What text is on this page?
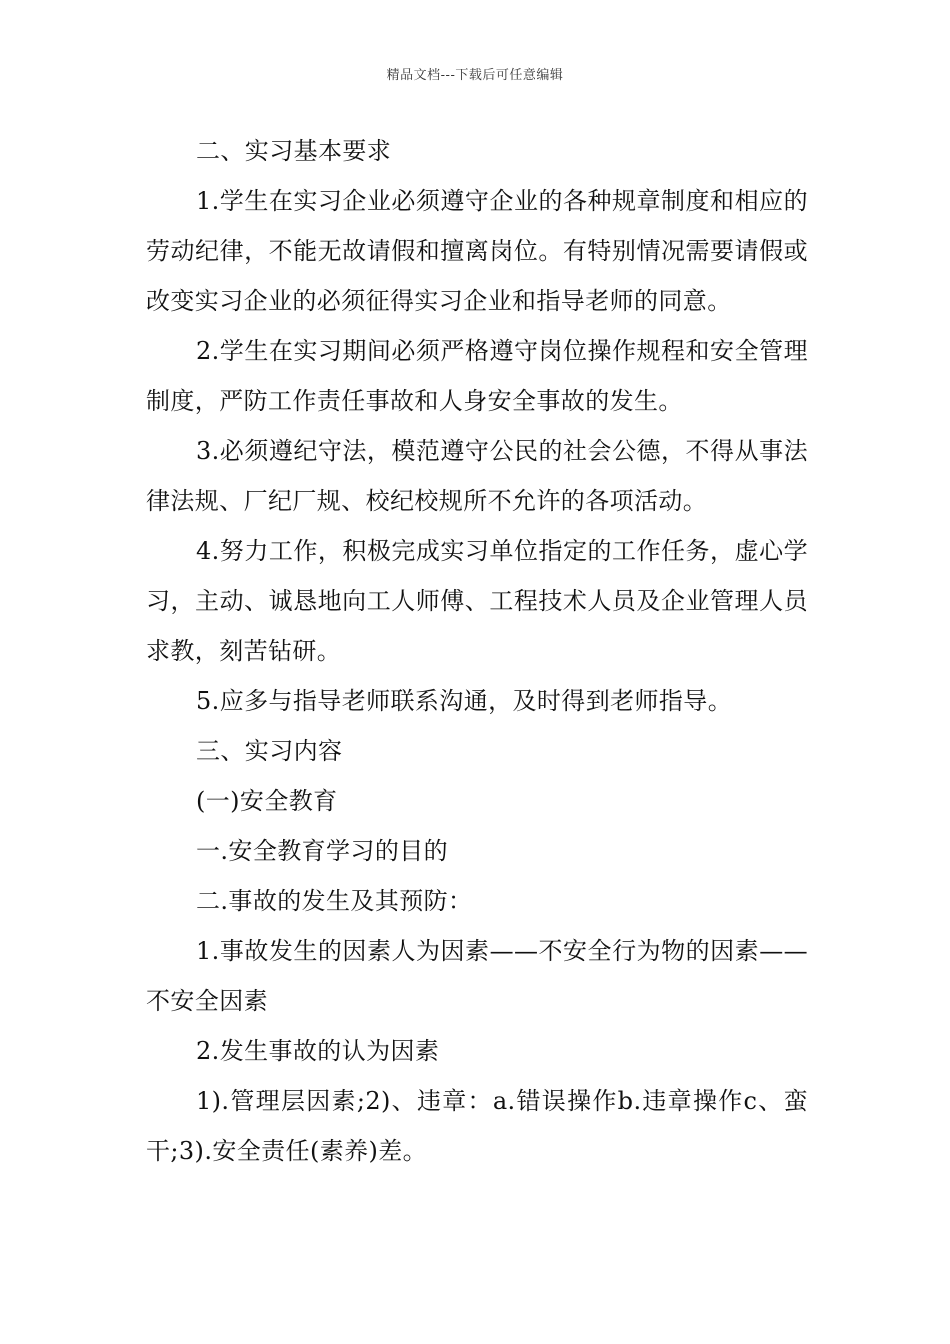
精品文档---下载后可任意编辑

二、实习基本要求

1.学生在实习企业必须遵守企业的各种规章制度和相应的劳动纪律，不能无故请假和擅离岗位。有特别情况需要请假或改变实习企业的必须征得实习企业和指导老师的同意。

2.学生在实习期间必须严格遵守岗位操作规程和安全管理制度，严防工作责任事故和人身安全事故的发生。

3.必须遵纪守法，模范遵守公民的社会公德，不得从事法律法规、厂纪厂规、校纪校规所不允许的各项活动。

4.努力工作，积极完成实习单位指定的工作任务，虚心学习，主动、诚恳地向工人师傅、工程技术人员及企业管理人员求教，刻苦钻研。

5.应多与指导老师联系沟通，及时得到老师指导。

三、实习内容

(一)安全教育

一.安全教育学习的目的

二.事故的发生及其预防：

1.事故发生的因素人为因素——不安全行为物的因素——不安全因素

2.发生事故的认为因素

1).管理层因素;2)、违章：a.错误操作b.违章操作c、蛮干;3).安全责任(素养)差。
